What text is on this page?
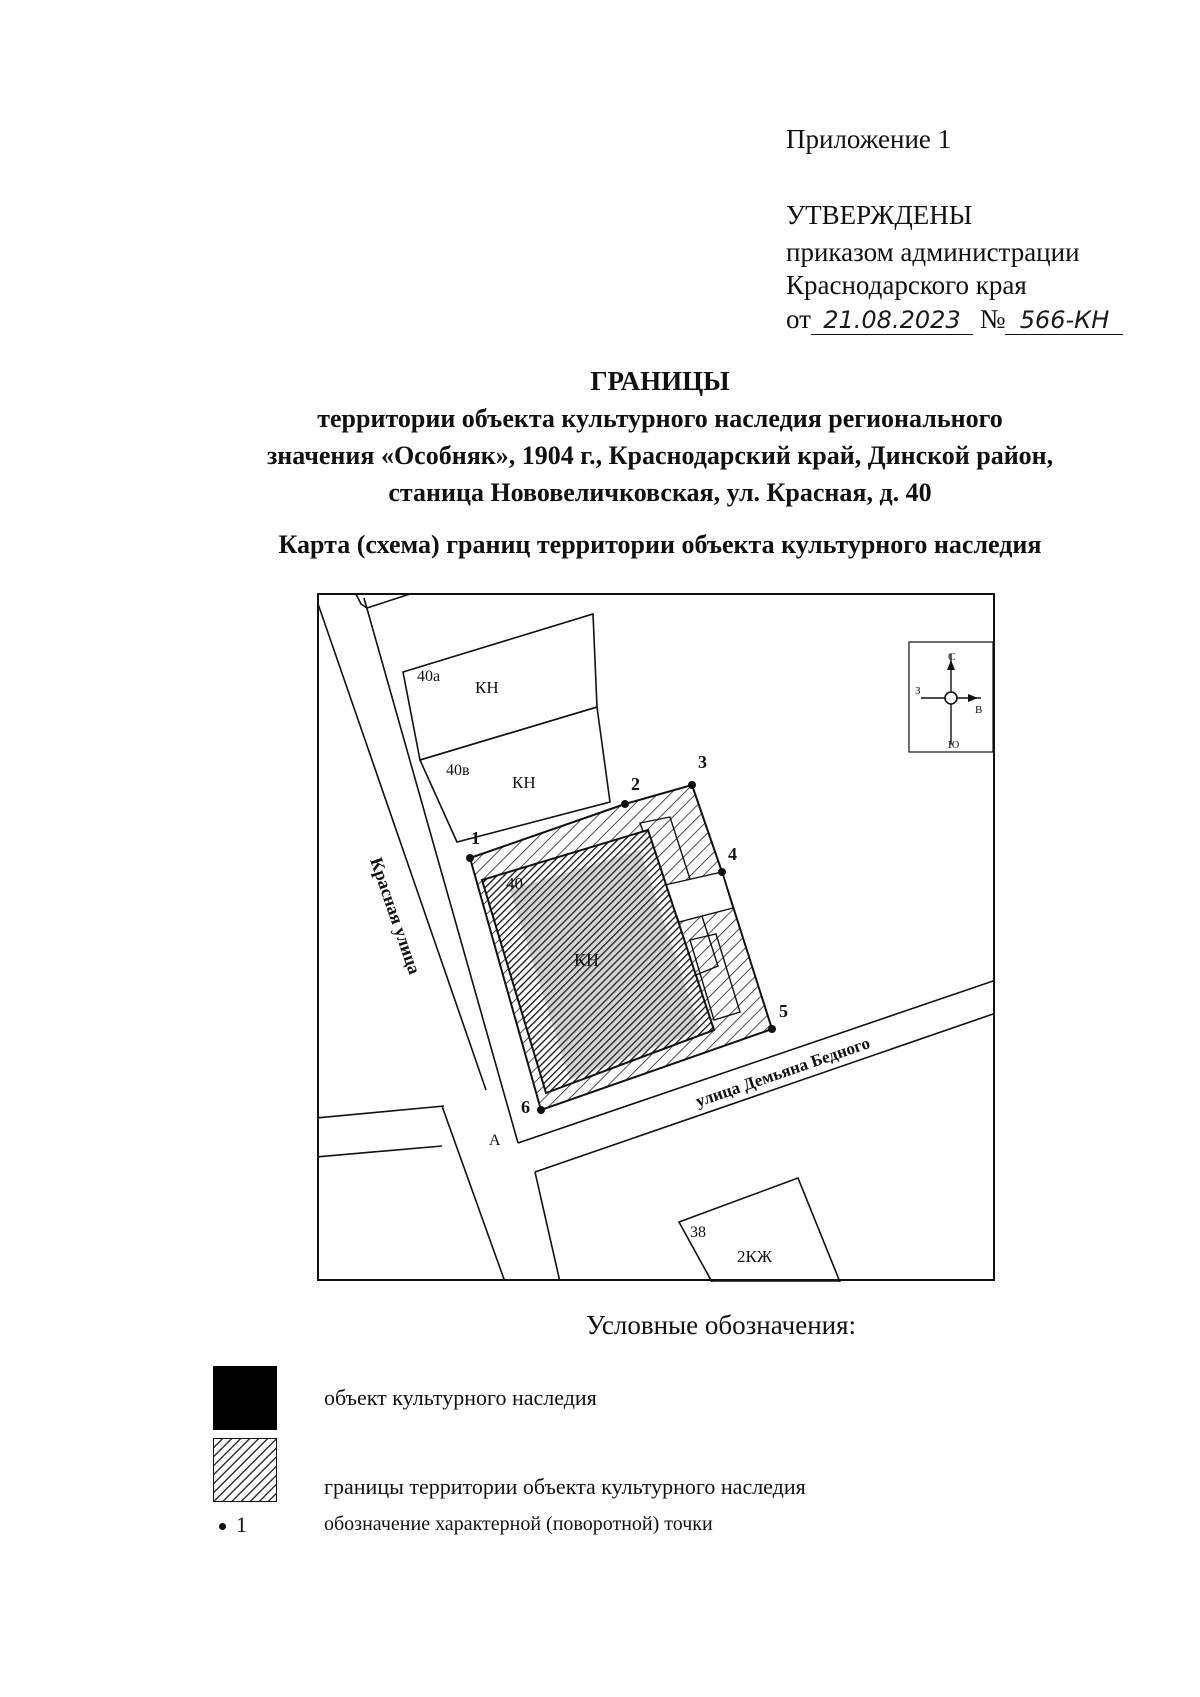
Приложение 1
УТВЕРЖДЕНЫ
приказом администрации
Краснодарского края
от 21.08.2023 № 566-КН
ГРАНИЦЫ
территории объекта культурного наследия регионального
значения «Особняк», 1904 г., Краснодарский край, Динской район,
станица Нововеличковская, ул. Красная, д. 40
Карта (схема) границ территории объекта культурного наследия
40а
КН
40в
КН
40
КН
1
2
3
4
5
6
Красная улица
улица Демьяна Бедного
А
38
2КЖ
С
Ю
В
З
Условные обозначения:
объект культурного наследия
границы территории объекта культурного наследия
1	обозначение характерной (поворотной) точки
